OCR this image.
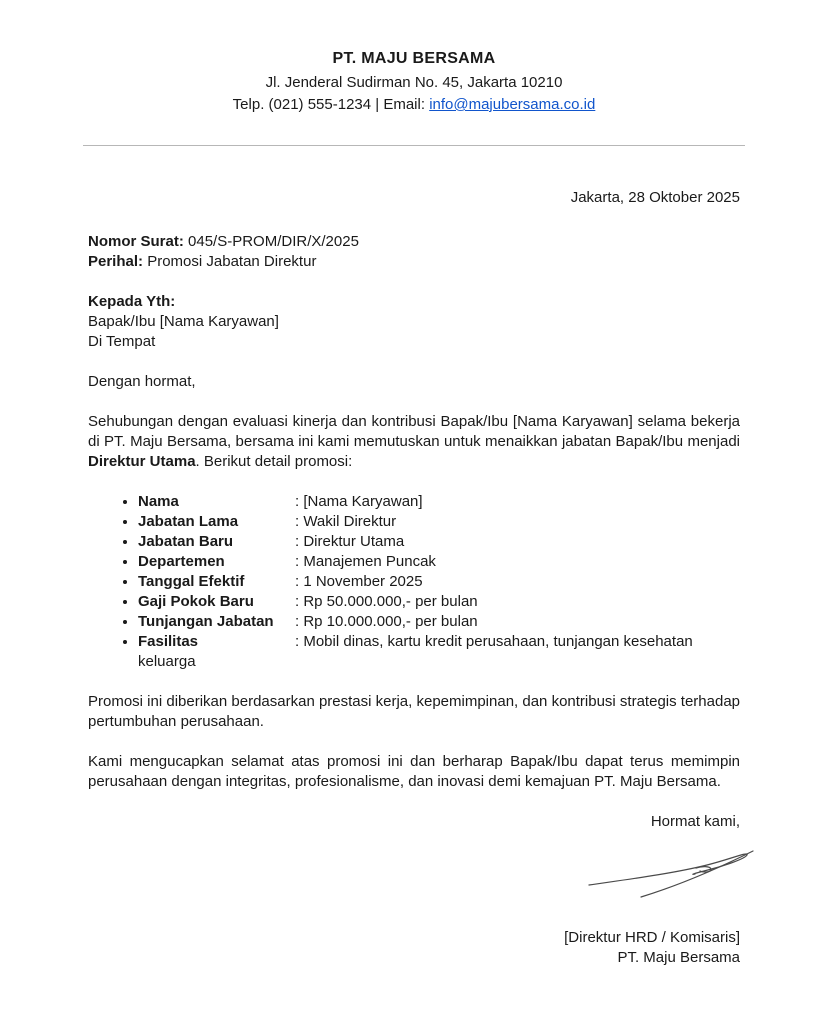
PT. MAJU BERSAMA
Jl. Jenderal Sudirman No. 45, Jakarta 10210
Telp. (021) 555-1234 | Email: info@majubersama.co.id
Jakarta, 28 Oktober 2025
Nomor Surat: 045/S-PROM/DIR/X/2025
Perihal: Promosi Jabatan Direktur
Kepada Yth:
Bapak/Ibu [Nama Karyawan]
Di Tempat
Dengan hormat,

Sehubungan dengan evaluasi kinerja dan kontribusi Bapak/Ibu [Nama Karyawan] selama bekerja di PT. Maju Bersama, bersama ini kami memutuskan untuk menaikkan jabatan Bapak/Ibu menjadi Direktur Utama. Berikut detail promosi:

• Nama	: [Nama Karyawan]
• Jabatan Lama	: Wakil Direktur
• Jabatan Baru	: Direktur Utama
• Departemen	: Manajemen Puncak
• Tanggal Efektif	: 1 November 2025
• Gaji Pokok Baru	: Rp 50.000.000,- per bulan
• Tunjangan Jabatan : Rp 10.000.000,- per bulan
• Fasilitas	: Mobil dinas, kartu kredit perusahaan, tunjangan kesehatan keluarga

Promosi ini diberikan berdasarkan prestasi kerja, kepemimpinan, dan kontribusi strategis terhadap pertumbuhan perusahaan.

Kami mengucapkan selamat atas promosi ini dan berharap Bapak/Ibu dapat terus memimpin perusahaan dengan integritas, profesionalisme, dan inovasi demi kemajuan PT. Maju Bersama.

Hormat kami,
[Direktur HRD / Komisaris]
PT. Maju Bersama
